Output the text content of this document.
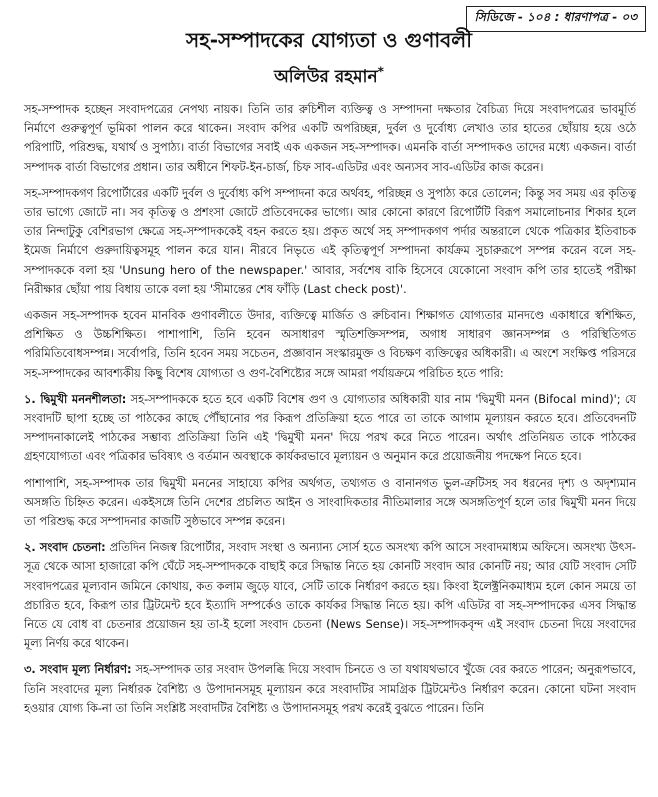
সিডিজে - ১০৪ : ধারণাপত্র - ০৩
সহ-সম্পাদকের যোগ্যতা ও গুণাবলী
অলিউর রহমান*

সহ-সম্পাদক হচ্ছেন সংবাদপত্রের নেপথ্য নায়ক। তিনি তার রুচিশীল ব্যক্তিত্ব ও সম্পাদনা দক্ষতার বৈচিত্র্য দিয়ে সংবাদপত্রের ভাবমূর্তি নির্মাণে গুরুত্বপূর্ণ ভূমিকা পালন করে থাকেন। সংবাদ কপির একটি অপরিচ্ছন্ন, দুর্বল ও দুর্বোধ্য লেখাও তার হাতের ছোঁয়ায় হয়ে ওঠে পরিপাটি, পরিশুদ্ধ, যথার্থ ও সুপাঠ্য। বার্তা বিভাগের সবাই এক একজন সহ-সম্পাদক। এমনকি বার্তা সম্পাদকও তাদের মধ্যে একজন। বার্তা সম্পাদক বার্তা বিভাগের প্রধান। তার অধীনে শিফট-ইন-চার্জ, চিফ সাব-এডিটর এবং অন্যসব সাব-এডিটর কাজ করেন।

সহ-সম্পাদকগণ রিপোর্টারের একটি দুর্বল ও দুর্বোধ্য কপি সম্পাদনা করে অর্থবহ, পরিচ্ছন্ন ও সুপাঠ্য করে তোলেন; কিন্তু সব সময় এর কৃতিত্ব তার ভাগ্যে জোটে না। সব কৃতিত্ব ও প্রশংসা জোটে প্রতিবেদকের ভাগ্যে। আর কোনো কারণে রিপোর্টটি বিরূপ সমালোচনার শিকার হলে তার নিন্দাটুকু বেশিরভাগ ক্ষেত্রে সহ-সম্পাদককেই বহন করতে হয়। প্রকৃত অর্থে সহ সম্পাদকগণ পর্দার অন্তরালে থেকে পত্রিকার ইতিবাচক ইমেজ নির্মাণে গুরুদায়িত্বসমূহ পালন করে যান। নীরবে নিভৃতে এই কৃতিত্বপূর্ণ সম্পাদনা কার্যক্রম সুচারুরূপে সম্পন্ন করেন বলে সহ-সম্পাদককে বলা হয় 'Unsung hero of the newspaper.' আবার, সর্বশেষ বাকি হিসেবে যেকোনো সংবাদ কপি তার হাতেই পরীক্ষা নিরীক্ষার ছোঁয়া পায় বিধায় তাকে বলা হয় 'সীমান্তের শেষ ফাঁড়ি (Last check post)'.

একজন সহ-সম্পাদক হবেন মানবিক গুণাবলীতে উদার, ব্যক্তিত্বে মার্জিত ও রুচিবান। শিক্ষাগত যোগ্যতার মানদণ্ডে একাধারে স্বশিক্ষিত, প্রশিক্ষিত ও উচ্চশিক্ষিত। পাশাপাশি, তিনি হবেন অসাধারণ স্মৃতিশক্তিসম্পন্ন, অগাধ সাধারণ জ্ঞানসম্পন্ন ও পরিস্থিতিগত পরিমিতিবোধসম্পন্ন। সর্বোপরি, তিনি হবেন সময় সচেতন, প্রজ্ঞাবান সংস্কারমুক্ত ও বিচক্ষণ ব্যক্তিত্বের অধিকারী। এ অংশে সংক্ষিপ্ত পরিসরে সহ-সম্পাদকের আবশ্যকীয় কিছু বিশেষ যোগ্যতা ও গুণ-বৈশিষ্ট্যের সঙ্গে আমরা পর্যায়ক্রমে পরিচিত হতে পারি:

১. দ্বিমুখী মননশীলতা: সহ-সম্পাদককে হতে হবে একটি বিশেষ গুণ ও যোগ্যতার অধিকারী যার নাম 'দ্বিমুখী মনন (Bifocal mind)'; যে সংবাদটি ছাপা হচ্ছে তা পাঠকের কাছে পৌঁছানোর পর কিরূপ প্রতিক্রিয়া হতে পারে তা তাকে আগাম মূল্যায়ন করতে হবে। প্রতিবেদনটি সম্পাদনাকালেই পাঠকের সম্ভাব্য প্রতিক্রিয়া তিনি এই 'দ্বিমুখী মনন' দিয়ে পরখ করে নিতে পারেন। অর্থাৎ প্রতিনিয়ত তাকে পাঠকের গ্রহণযোগ্যতা এবং পত্রিকার ভবিষ্যৎ ও বর্তমান অবস্থাকে কার্যকরভাবে মূল্যায়ন ও অনুমান করে প্রয়োজনীয় পদক্ষেপ নিতে হবে।

পাশাপাশি, সহ-সম্পাদক তার দ্বিমুখী মননের সাহায্যে কপির অর্থগত, তথ্যগত ও বানানগত ভুল-ত্রুটিসহ সব ধরনের দৃশ্য ও অদৃশ্যমান অসঙ্গতি চিহ্নিত করেন। একইসঙ্গে তিনি দেশের প্রচলিত আইন ও সাংবাদিকতার নীতিমালার সঙ্গে অসঙ্গতিপূর্ণ হলে তার দ্বিমুখী মনন দিয়ে তা পরিশুদ্ধ করে সম্পাদনার কাজটি সুষ্ঠভাবে সম্পন্ন করেন।

২. সংবাদ চেতনা: প্রতিদিন নিজস্ব রিপোর্টার, সংবাদ সংস্থা ও অন্যান্য সোর্স হতে অসংখ্য কপি আসে সংবাদমাধ্যম অফিসে। অসংখ্য উৎস-সূত্র থেকে আসা হাজারো কপি ঘেঁটে সহ-সম্পাদককে বাছাই করে সিদ্ধান্ত নিতে হয় কোনটি সংবাদ আর কোনটি নয়; আর যেটি সংবাদ সেটি সংবাদপত্রের মূল্যবান জমিনে কোথায়, কত কলাম জুড়ে যাবে, সেটি তাকে নির্ধারণ করতে হয়। কিংবা ইলেক্ট্রনিকমাধ্যম হলে কোন সময়ে তা প্রচারিত হবে, কিরূপ তার ট্রিটমেন্ট হবে ইত্যাদি সম্পর্কেও তাকে কার্যকর সিদ্ধান্ত নিতে হয়। কপি এডিটর বা সহ-সম্পাদকের এসব সিদ্ধান্ত নিতে যে বোধ বা চেতনার প্রয়োজন হয় তা-ই হলো সংবাদ চেতনা (News Sense)। সহ-সম্পাদকবৃন্দ এই সংবাদ চেতনা দিয়ে সংবাদের মূল্য নির্ণয় করে থাকেন।

৩. সংবাদ মূল্য নির্ধারণ: সহ-সম্পাদক তার সংবাদ উপলব্ধি দিয়ে সংবাদ চিনতে ও তা যথাযথভাবে খুঁজে বের করতে পারেন; অনুরূপভাবে, তিনি সংবাদের মূল্য নির্ধারক বৈশিষ্ট্য ও উপাদানসমূহ মূল্যায়ন করে সংবাদটির সামগ্রিক ট্রিটমেন্টও নির্ধারণ করেন। কোনো ঘটনা সংবাদ হওয়ার যোগ্য কি-না তা তিনি সংশ্লিষ্ট সংবাদটির বৈশিষ্ট্য ও উপাদানসমূহ পরখ করেই বুঝতে পারেন। তিনি
